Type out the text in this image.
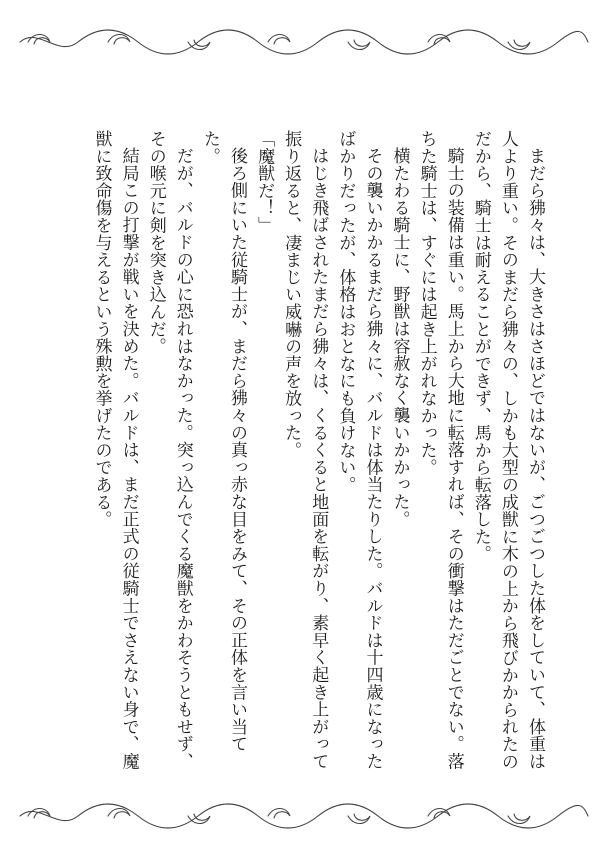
まだら狒々は、大きさはさほどではないが、ごつごつした体をしていて、体重は

人より重い。そのまだら狒々の、しかも大型の成獣に木の上から飛びかかられたの

だから、騎士は耐えることができず、馬から転落した。

騎士の装備は重い。馬上から大地に転落すれば、その衝撃はただごとでない。落

ちた騎士は、すぐには起き上がれなかった。

横たわる騎士に、野獣は容赦なく襲いかかった。

その襲いかかるまだら狒々に、バルドは体当たりした。バルドは十四歳になった

ばかりだったが、体格はおとなにも負けない。

はじき飛ばされたまだら狒々は、くるくると地面を転がり、素早く起き上がって

振り返ると、凄まじい威嚇の声を放った。

「魔獣だ！」

後ろ側にいた従騎士が、まだら狒々の真っ赤な目をみて、その正体を言い当て

た。

だが、バルドの心に恐れはなかった。突っ込んでくる魔獣をかわそうともせず、

その喉元に剣を突き込んだ。

結局この打撃が戦いを決めた。バルドは、まだ正式の従騎士でさえない身で、魔

獣に致命傷を与えるという殊勲を挙げたのである。
